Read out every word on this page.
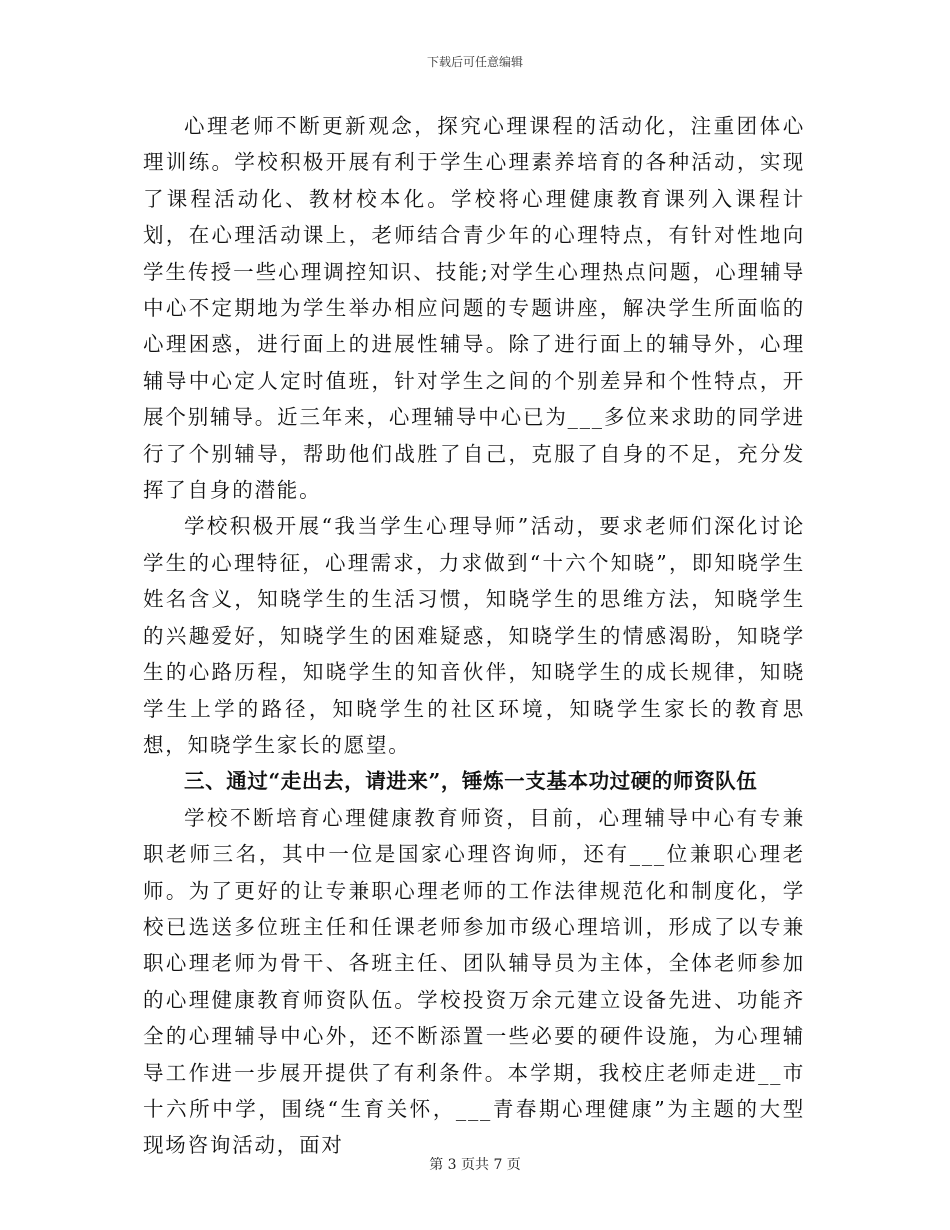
下载后可任意编辑

心理老师不断更新观念，探究心理课程的活动化，注重团体心理训练。学校积极开展有利于学生心理素养培育的各种活动，实现了课程活动化、教材校本化。学校将心理健康教育课列入课程计划，在心理活动课上，老师结合青少年的心理特点，有针对性地向学生传授一些心理调控知识、技能;对学生心理热点问题，心理辅导中心不定期地为学生举办相应问题的专题讲座，解决学生所面临的心理困惑，进行面上的进展性辅导。除了进行面上的辅导外，心理辅导中心定人定时值班，针对学生之间的个别差异和个性特点，开展个别辅导。近三年来，心理辅导中心已为___多位来求助的同学进行了个别辅导，帮助他们战胜了自己，克服了自身的不足，充分发挥了自身的潜能。

学校积极开展“我当学生心理导师”活动，要求老师们深化讨论学生的心理特征，心理需求，力求做到“十六个知晓”，即知晓学生姓名含义，知晓学生的生活习惯，知晓学生的思维方法，知晓学生的兴趣爱好，知晓学生的困难疑惑，知晓学生的情感渴盼，知晓学生的心路历程，知晓学生的知音伙伴，知晓学生的成长规律，知晓学生上学的路径，知晓学生的社区环境，知晓学生家长的教育思想，知晓学生家长的愿望。

三、通过“走出去，请进来”，锤炼一支基本功过硬的师资队伍

学校不断培育心理健康教育师资，目前，心理辅导中心有专兼职老师三名，其中一位是国家心理咨询师，还有___位兼职心理老师。为了更好的让专兼职心理老师的工作法律规范化和制度化，学校已选送多位班主任和任课老师参加市级心理培训，形成了以专兼职心理老师为骨干、各班主任、团队辅导员为主体，全体老师参加的心理健康教育师资队伍。学校投资万余元建立设备先进、功能齐全的心理辅导中心外，还不断添置一些必要的硬件设施，为心理辅导工作进一步展开提供了有利条件。本学期，我校庄老师走进__市十六所中学，围绕“生育关怀，___青春期心理健康”为主题的大型现场咨询活动，面对

第 3 页共 7 页
